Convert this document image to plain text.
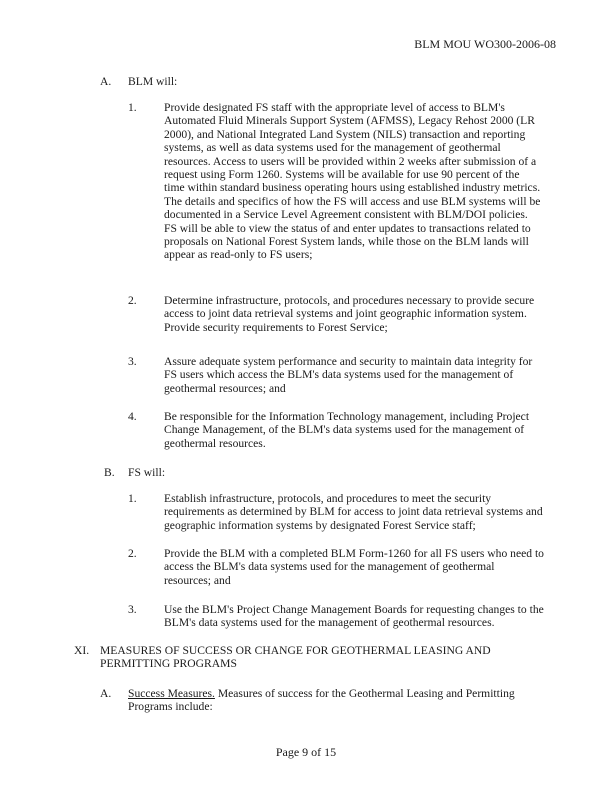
BLM MOU WO300-2006-08
A. BLM will:
1. Provide designated FS staff with the appropriate level of access to BLM's Automated Fluid Minerals Support System (AFMSS), Legacy Rehost 2000 (LR 2000), and National Integrated Land System (NILS) transaction and reporting systems, as well as data systems used for the management of geothermal resources. Access to users will be provided within 2 weeks after submission of a request using Form 1260. Systems will be available for use 90 percent of the time within standard business operating hours using established industry metrics. The details and specifics of how the FS will access and use BLM systems will be documented in a Service Level Agreement consistent with BLM/DOI policies. FS will be able to view the status of and enter updates to transactions related to proposals on National Forest System lands, while those on the BLM lands will appear as read-only to FS users;
2. Determine infrastructure, protocols, and procedures necessary to provide secure access to joint data retrieval systems and joint geographic information system. Provide security requirements to Forest Service;
3. Assure adequate system performance and security to maintain data integrity for FS users which access the BLM's data systems used for the management of geothermal resources; and
4. Be responsible for the Information Technology management, including Project Change Management, of the BLM's data systems used for the management of geothermal resources.
B. FS will:
1. Establish infrastructure, protocols, and procedures to meet the security requirements as determined by BLM for access to joint data retrieval systems and geographic information systems by designated Forest Service staff;
2. Provide the BLM with a completed BLM Form-1260 for all FS users who need to access the BLM's data systems used for the management of geothermal resources; and
3. Use the BLM's Project Change Management Boards for requesting changes to the BLM's data systems used for the management of geothermal resources.
XI. MEASURES OF SUCCESS OR CHANGE FOR GEOTHERMAL LEASING AND PERMITTING PROGRAMS
A. Success Measures. Measures of success for the Geothermal Leasing and Permitting Programs include:
Page 9 of 15
